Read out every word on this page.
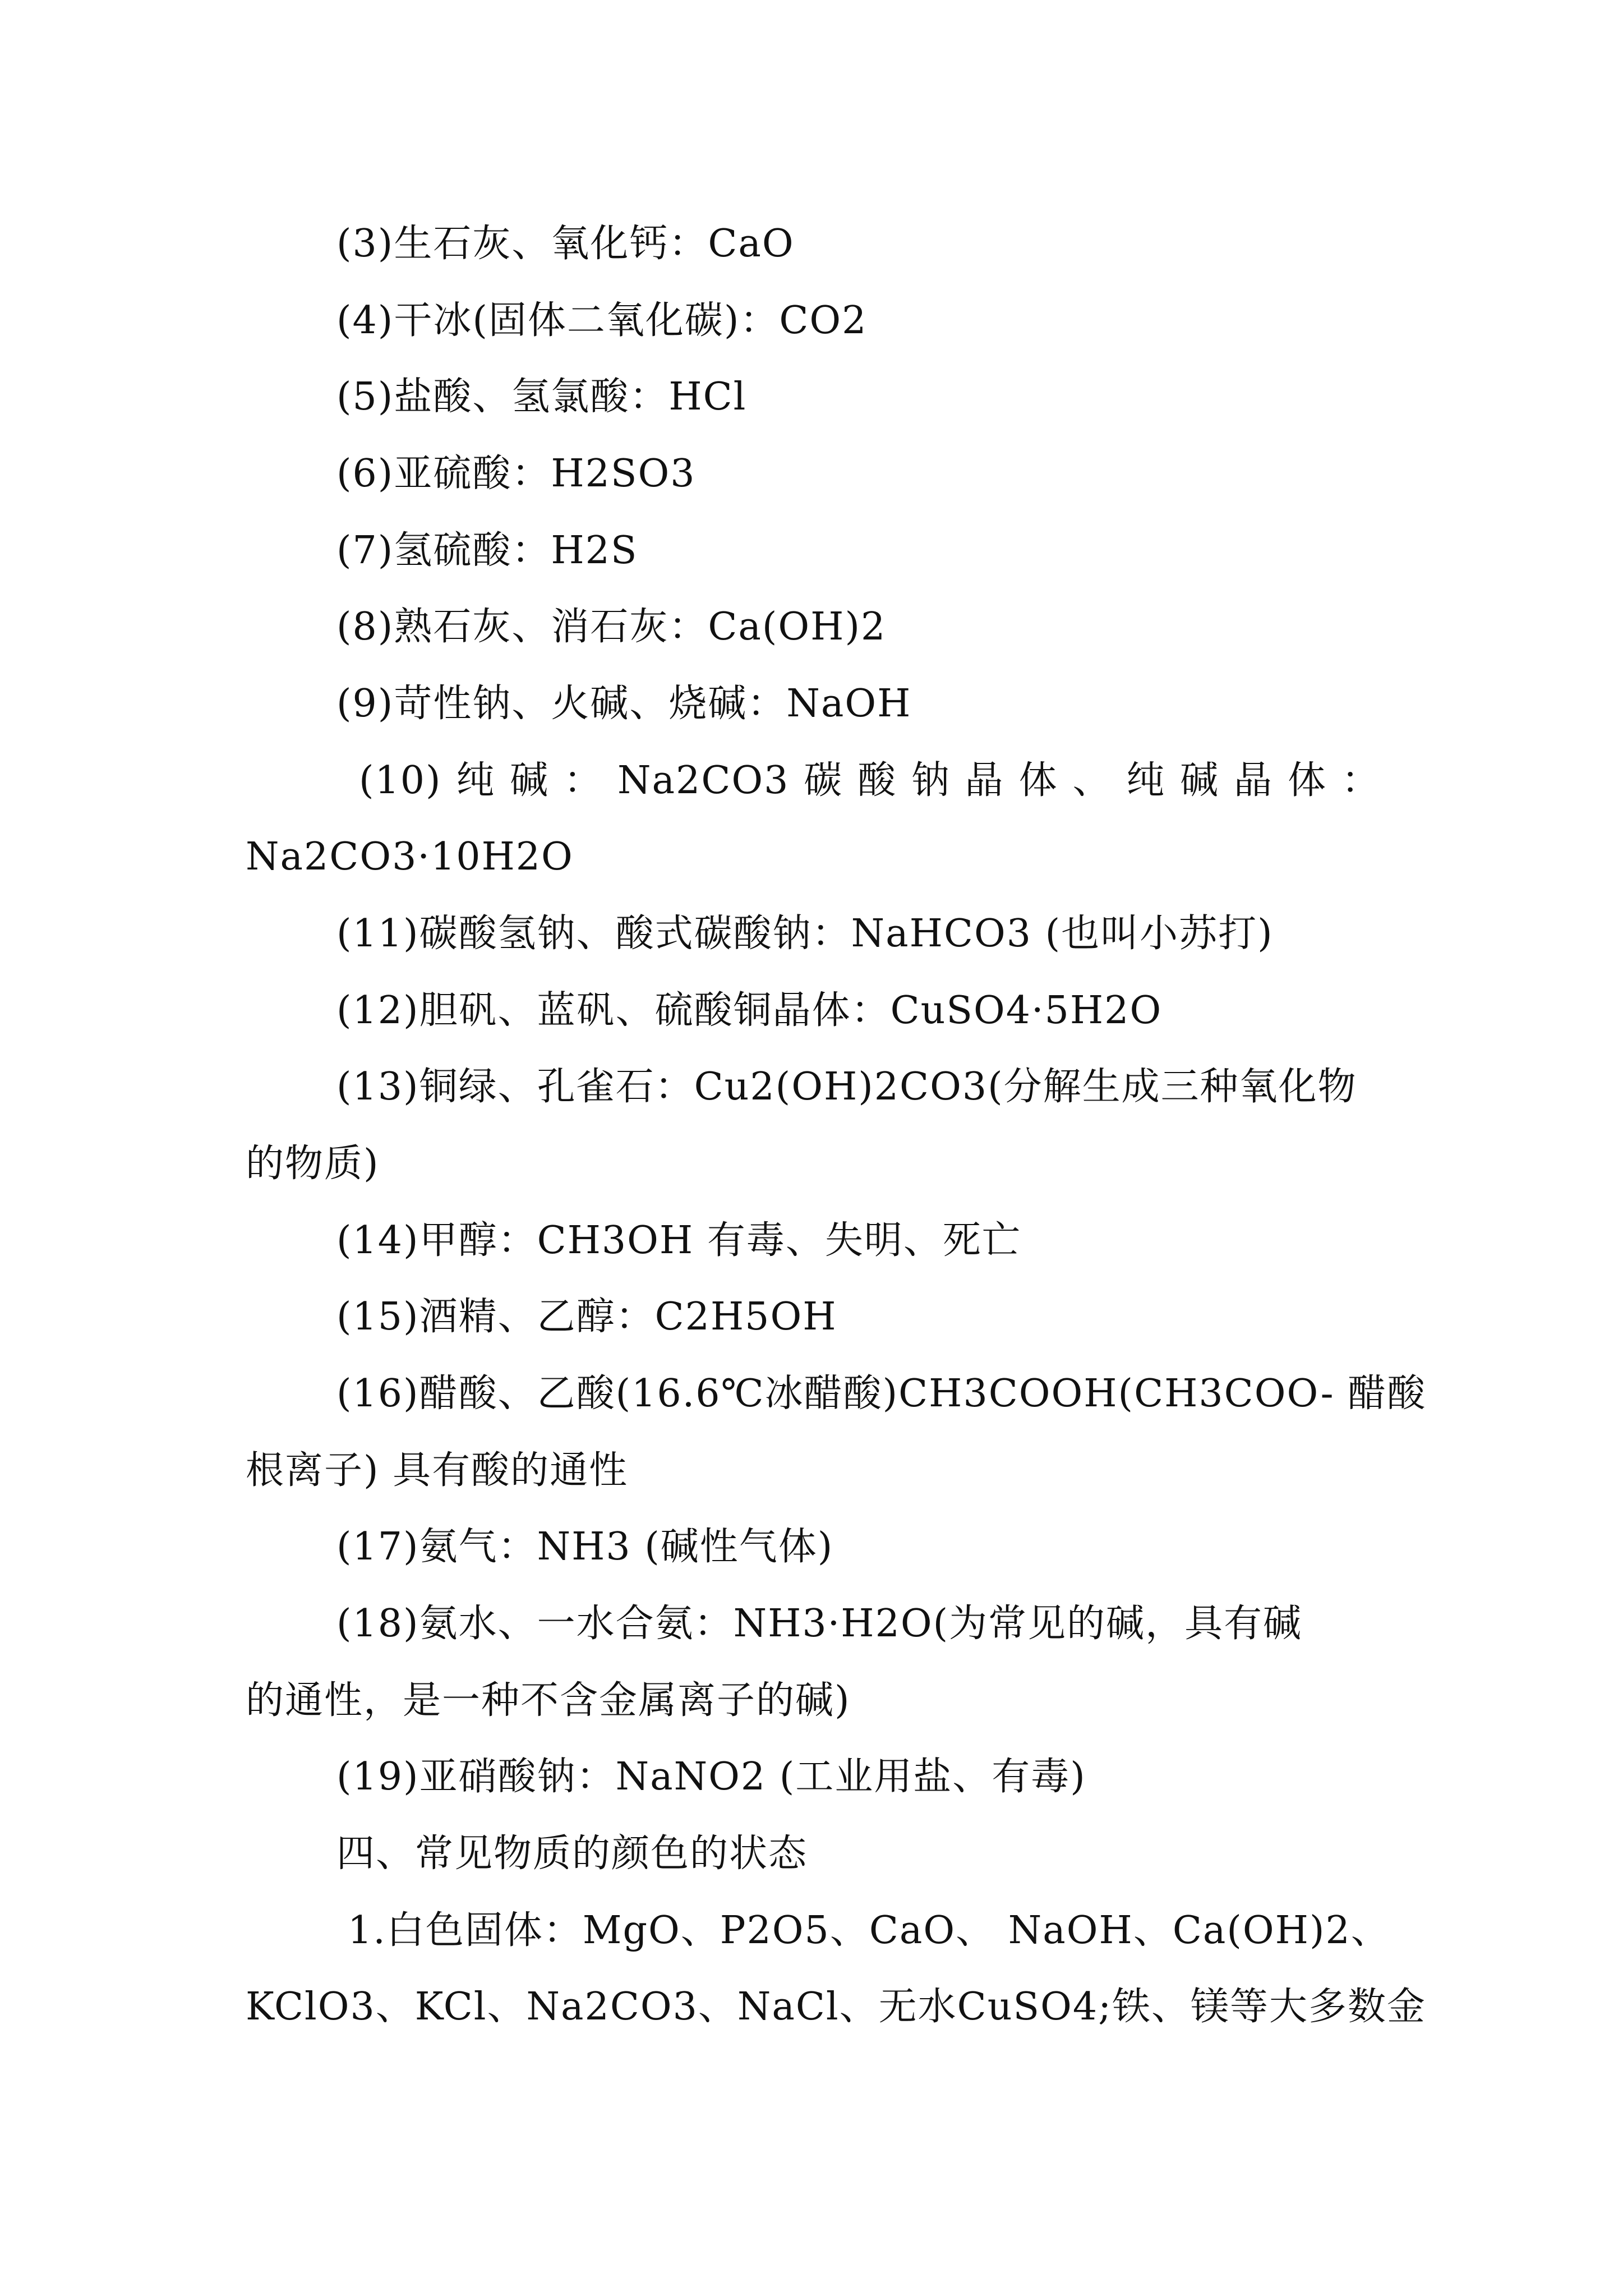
(3)生石灰、氧化钙：CaO
(4)干冰(固体二氧化碳)：CO2
(5)盐酸、氢氯酸：HCl
(6)亚硫酸：H2SO3
(7)氢硫酸：H2S
(8)熟石灰、消石灰：Ca(OH)2
(9)苛性钠、火碱、烧碱：NaOH
(10) 纯 碱 ： Na2CO3 碳 酸 钠 晶 体 、 纯 碱 晶 体 ：
Na2CO3·10H2O
(11)碳酸氢钠、酸式碳酸钠：NaHCO3 (也叫小苏打)
(12)胆矾、蓝矾、硫酸铜晶体：CuSO4·5H2O
(13)铜绿、孔雀石：Cu2(OH)2CO3(分解生成三种氧化物
的物质)
(14)甲醇：CH3OH 有毒、失明、死亡
(15)酒精、乙醇：C2H5OH
(16)醋酸、乙酸(16.6℃冰醋酸)CH3COOH(CH3COO- 醋酸
根离子) 具有酸的通性
(17)氨气：NH3 (碱性气体)
(18)氨水、一水合氨：NH3·H2O(为常见的碱，具有碱
的通性，是一种不含金属离子的碱)
(19)亚硝酸钠：NaNO2 (工业用盐、有毒)
四、常见物质的颜色的状态
1.白色固体：MgO、P2O5、CaO、 NaOH、Ca(OH)2、
KClO3、KCl、Na2CO3、NaCl、无水CuSO4;铁、镁等大多数金
